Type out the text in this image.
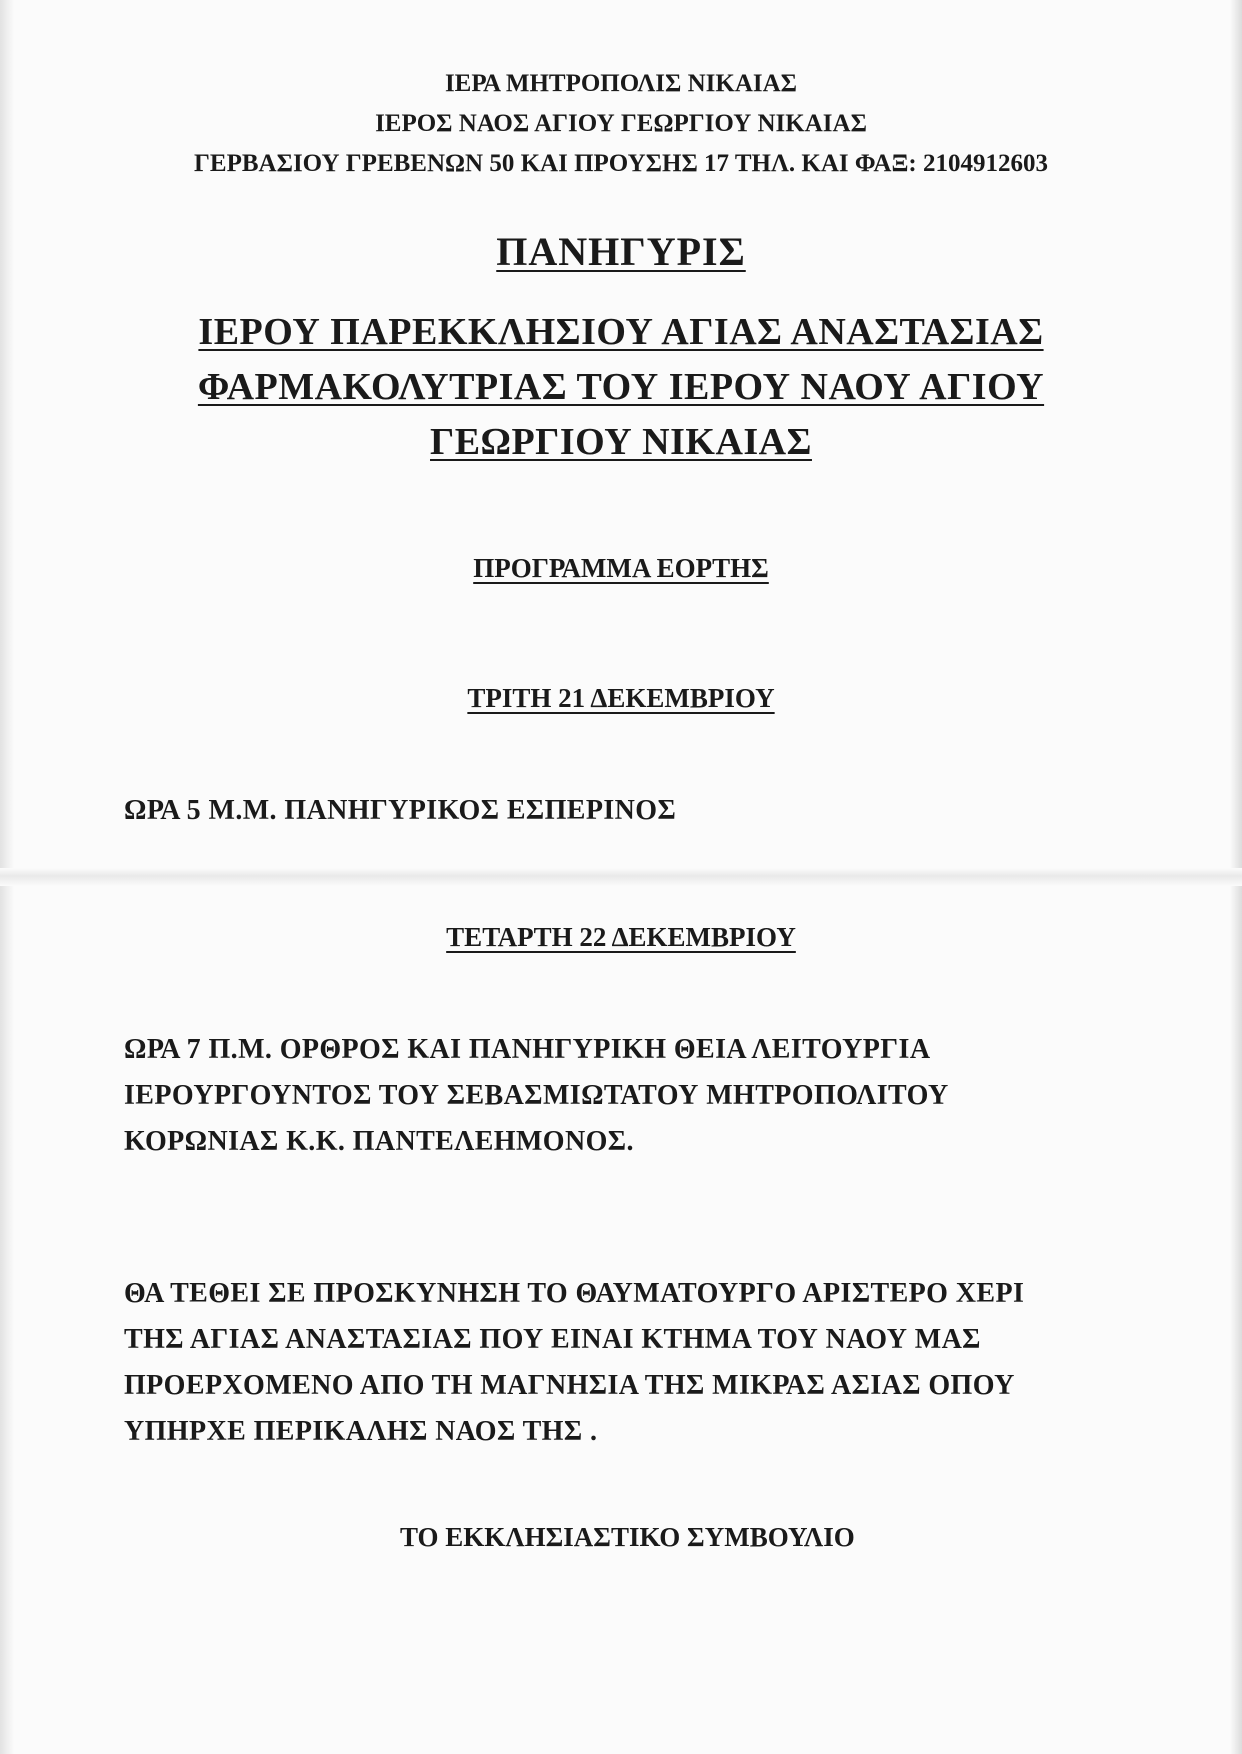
ΙΕΡΑ ΜΗΤΡΟΠΟΛΙΣ ΝΙΚΑΙΑΣ
ΙΕΡΟΣ ΝΑΟΣ ΑΓΙΟΥ ΓΕΩΡΓΙΟΥ ΝΙΚΑΙΑΣ
ΓΕΡΒΑΣΙΟΥ ΓΡΕΒΕΝΩΝ 50 ΚΑΙ ΠΡΟΥΣΗΣ 17 ΤΗΛ. ΚΑΙ ΦΑΞ: 2104912603
ΠΑΝΗΓΥΡΙΣ
ΙΕΡΟΥ ΠΑΡΕΚΚΛΗΣΙΟΥ ΑΓΙΑΣ ΑΝΑΣΤΑΣΙΑΣ
ΦΑΡΜΑΚΟΛΥΤΡΙΑΣ ΤΟΥ ΙΕΡΟΥ ΝΑΟΥ ΑΓΙΟΥ
ΓΕΩΡΓΙΟΥ ΝΙΚΑΙΑΣ
ΠΡΟΓΡΑΜΜΑ ΕΟΡΤΗΣ
ΤΡΙΤΗ 21 ΔΕΚΕΜΒΡΙΟΥ
ΩΡΑ 5 Μ.Μ. ΠΑΝΗΓΥΡΙΚΟΣ ΕΣΠΕΡΙΝΟΣ
ΤΕΤΑΡΤΗ 22 ΔΕΚΕΜΒΡΙΟΥ
ΩΡΑ 7 Π.Μ. ΟΡΘΡΟΣ ΚΑΙ ΠΑΝΗΓΥΡΙΚΗ ΘΕΙΑ ΛΕΙΤΟΥΡΓΙΑ
ΙΕΡΟΥΡΓΟΥΝΤΟΣ ΤΟΥ ΣΕΒΑΣΜΙΩΤΑΤΟΥ ΜΗΤΡΟΠΟΛΙΤΟΥ
ΚΟΡΩΝΙΑΣ Κ.Κ. ΠΑΝΤΕΛΕΗΜΟΝΟΣ.
ΘΑ ΤΕΘΕΙ ΣΕ ΠΡΟΣΚΥΝΗΣΗ ΤΟ ΘΑΥΜΑΤΟΥΡΓΟ ΑΡΙΣΤΕΡΟ ΧΕΡΙ
ΤΗΣ ΑΓΙΑΣ ΑΝΑΣΤΑΣΙΑΣ ΠΟΥ ΕΙΝΑΙ ΚΤΗΜΑ ΤΟΥ ΝΑΟΥ ΜΑΣ
ΠΡΟΕΡΧΟΜΕΝΟ ΑΠΟ ΤΗ ΜΑΓΝΗΣΙΑ ΤΗΣ ΜΙΚΡΑΣ ΑΣΙΑΣ ΟΠΟΥ
ΥΠΗΡΧΕ ΠΕΡΙΚΑΛΗΣ ΝΑΟΣ ΤΗΣ .
ΤΟ ΕΚΚΛΗΣΙΑΣΤΙΚΟ ΣΥΜΒΟΥΛΙΟ
